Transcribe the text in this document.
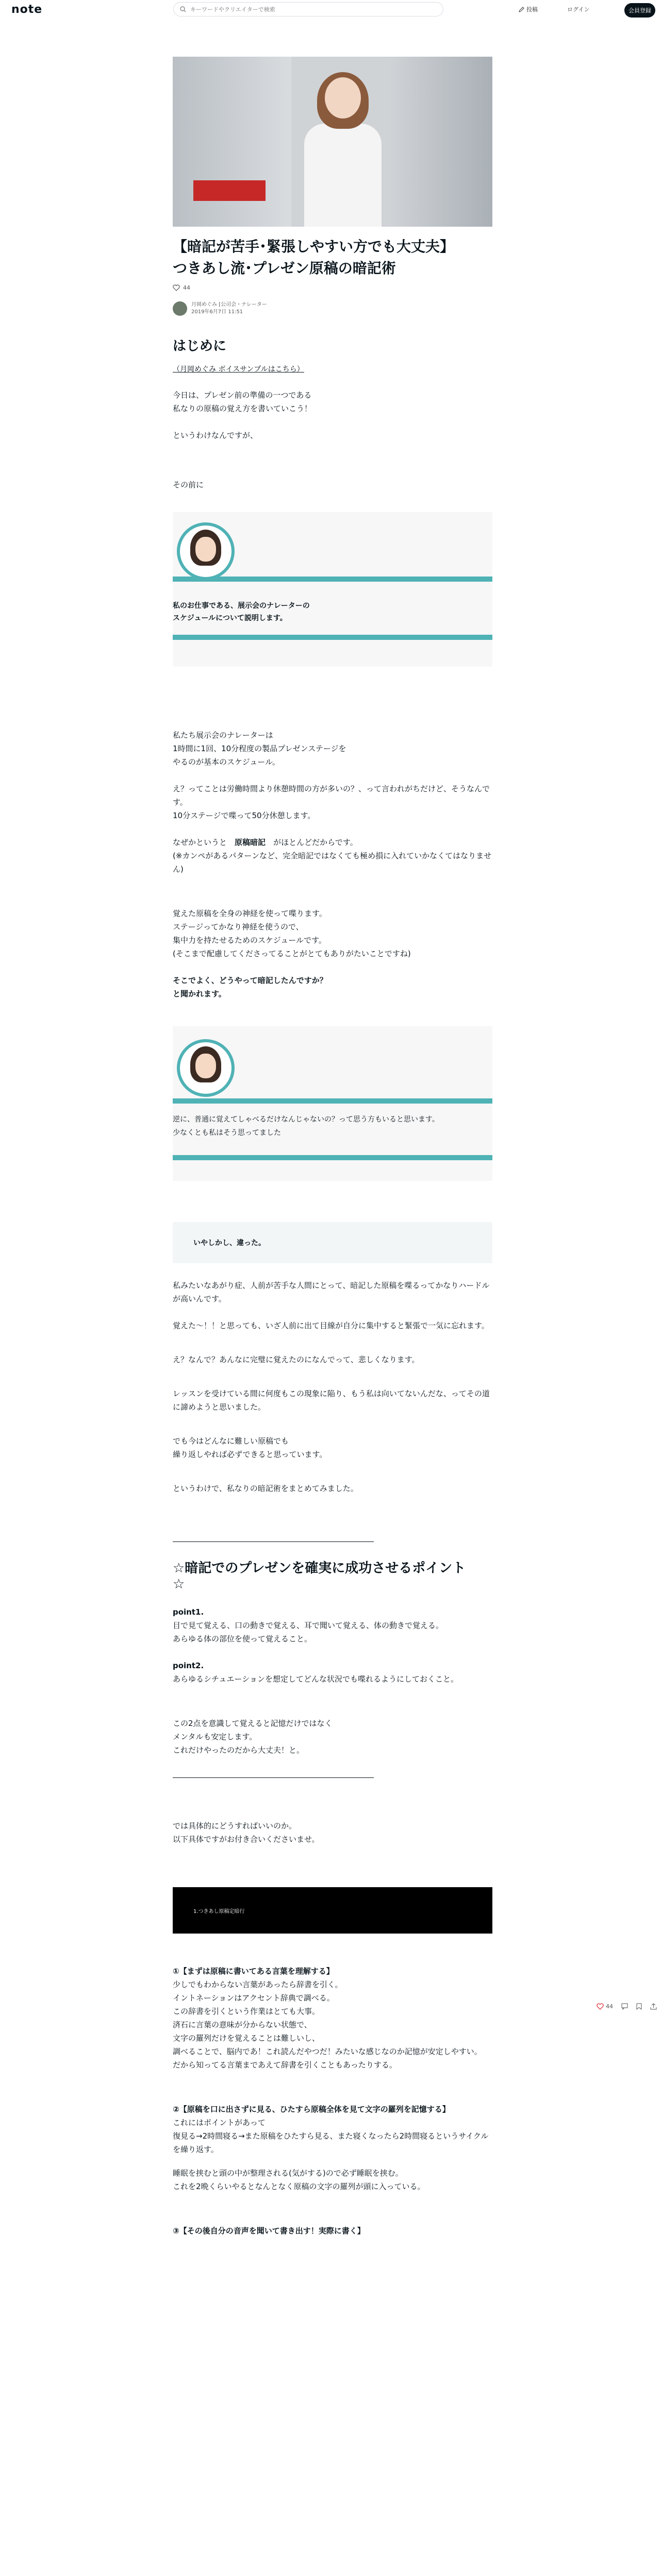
note
キーワードやクリエイターで検索	投稿	ログイン	会員登録
【暗記が苦手･緊張しやすい方でも大丈夫】
つきあし流･プレゼン原稿の暗記術
44
月岡めぐみ [公司会・ナレーター
2019年6月7日 11:51
はじめに
（月岡めぐみ ボイスサンプルはこちら）

今日は、プレゼン前の準備の一つである

私なりの原稿の覚え方を書いていこう！

というわけなんですが、

その前に

私のお仕事である、展示会のナレーターの
スケジュールについて説明します。

私たち展示会のナレーターは

1時間に1回、10分程度の製品プレゼンステージを

やるのが基本のスケジュール。

え？ってことは労働時間より休憩時間の方が多いの？、って言われがちだけど、そうなんです。

10分ステージで喋って50分休憩します。

なぜかというと　 原稿暗記　 がほとんどだからです。

(※カンペがあるパターンなど、完全暗記ではなくても極め損に入れていかなくてはなりません)

覚えた原稿を全身の神経を使って喋ります。

ステージってかなり神経を使うので、

集中力を持たせるためのスケジュールです。

(そこまで配慮してくださってることがとてもありがたいことですね)

そこでよく、どうやって暗記したんですか？

と聞かれます。

逆に、普通に覚えてしゃべるだけなんじゃないの？って思う方もいると思います。
少なくとも私はそう思ってました
いやしかし、違った。

私みたいなあがり症、人前が苦手な人間にとって、暗記した原稿を喋るってかなりハードルが高いんです。

覚えた〜！！と思っても、いざ人前に出て目線が自分に集中すると緊張で一気に忘れます。

え？なんで？あんなに完璧に覚えたのになんでって、悲しくなります。

レッスンを受けている間に何度もこの現象に陥り、もう私は向いてないんだな、ってその道に諦めようと思いました。

でも今はどんなに難しい原稿でも

繰り返しやれば必ずできると思っています。

というわけで、私なりの暗記術をまとめてみました。

☆暗記でのプレゼンを確実に成功させるポイント
☆

point1.

目で見て覚える、口の動きで覚える、耳で聞いて覚える、体の動きで覚える。

あらゆる体の部位を使って覚えること。

point2.

あらゆるシチュエーションを想定してどんな状況でも喋れるようにしておくこと。

この2点を意識して覚えると記憶だけではなく

メンタルも安定します。

これだけやったのだから大丈夫！と。

では具体的にどうすればいいのか。

以下具体ですがお付き合いくださいませ。

1.つきあし原稿定暗行

①【まずは原稿に書いてある言葉を理解する】

少しでもわからない言葉があったら辞書を引く。

イントネーションはアクセント辞典で調べる。

この辞書を引くという作業はとても大事。

済石に言葉の意味が分からない状態で、

文字の羅列だけを覚えることは難しいし、

調べることで、脳内であ！これ読んだやつだ！みたいな感じなのか記憶が安定しやすい。

だから知ってる言葉まであえて辞書を引くこともあったりする。

②【原稿を口に出さずに見る、ひたすら原稿全体を見て文字の羅列を記憶する】

これにはポイントがあって

復見る→2時間寝る→また原稿をひたすら見る、また寝くなったら2時間寝るというサイクルを繰り返す。

睡眠を挟むと頭の中が整理される(気がする)ので必ず睡眠を挟む。

これを2晩くらいやるとなんとなく原稿の文字の羅列が頭に入っている。

③【その後自分の音声を聞いて書き出す！実際に書く】

44
